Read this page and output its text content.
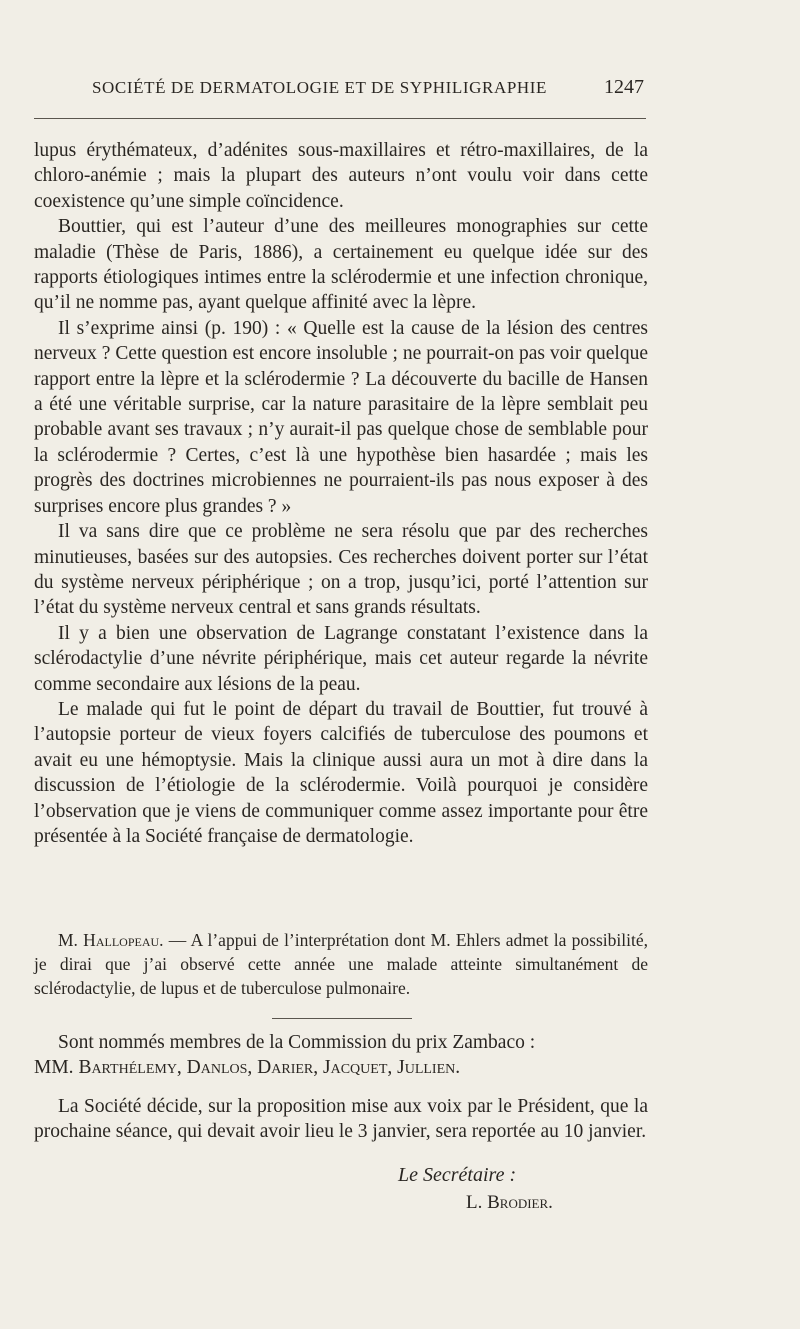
SOCIÉTÉ DE DERMATOLOGIE ET DE SYPHILIGRAPHIE	1247

lupus érythémateux, d’adénites sous-maxillaires et rétro-maxillaires, de la chloro-anémie ; mais la plupart des auteurs n’ont voulu voir dans cette coexistence qu’une simple coïncidence.

Bouttier, qui est l’auteur d’une des meilleures monographies sur cette maladie (Thèse de Paris, 1886), a certainement eu quelque idée sur des rapports étiologiques intimes entre la sclérodermie et une infection chronique, qu’il ne nomme pas, ayant quelque affinité avec la lèpre.

Il s’exprime ainsi (p. 190) : « Quelle est la cause de la lésion des centres nerveux ? Cette question est encore insoluble ; ne pourrait-on pas voir quelque rapport entre la lèpre et la sclérodermie ? La découverte du bacille de Hansen a été une véritable surprise, car la nature parasitaire de la lèpre semblait peu probable avant ses travaux ; n’y aurait-il pas quelque chose de semblable pour la sclérodermie ? Certes, c’est là une hypothèse bien hasardée ; mais les progrès des doctrines microbiennes ne pourraient-ils pas nous exposer à des surprises encore plus grandes ? »

Il va sans dire que ce problème ne sera résolu que par des recherches minutieuses, basées sur des autopsies. Ces recherches doivent porter sur l’état du système nerveux périphérique ; on a trop, jusqu’ici, porté l’attention sur l’état du système nerveux central et sans grands résultats.

Il y a bien une observation de Lagrange constatant l’existence dans la sclérodactylie d’une névrite périphérique, mais cet auteur regarde la névrite comme secondaire aux lésions de la peau.

Le malade qui fut le point de départ du travail de Bouttier, fut trouvé à l’autopsie porteur de vieux foyers calcifiés de tuberculose des poumons et avait eu une hémoptysie. Mais la clinique aussi aura un mot à dire dans la discussion de l’étiologie de la sclérodermie. Voilà pourquoi je considère l’observation que je viens de communiquer comme assez importante pour être présentée à la Société française de dermatologie.

M. Hallopeau. — A l’appui de l’interprétation dont M. Ehlers admet la possibilité, je dirai que j’ai observé cette année une malade atteinte simultanément de sclérodactylie, de lupus et de tuberculose pulmonaire.

Sont nommés membres de la Commission du prix Zambaco :

MM. Barthélemy, Danlos, Darier, Jacquet, Jullien.

La Société décide, sur la proposition mise aux voix par le Président, que la prochaine séance, qui devait avoir lieu le 3 janvier, sera reportée au 10 janvier.

Le Secrétaire :
L. Brodier.
